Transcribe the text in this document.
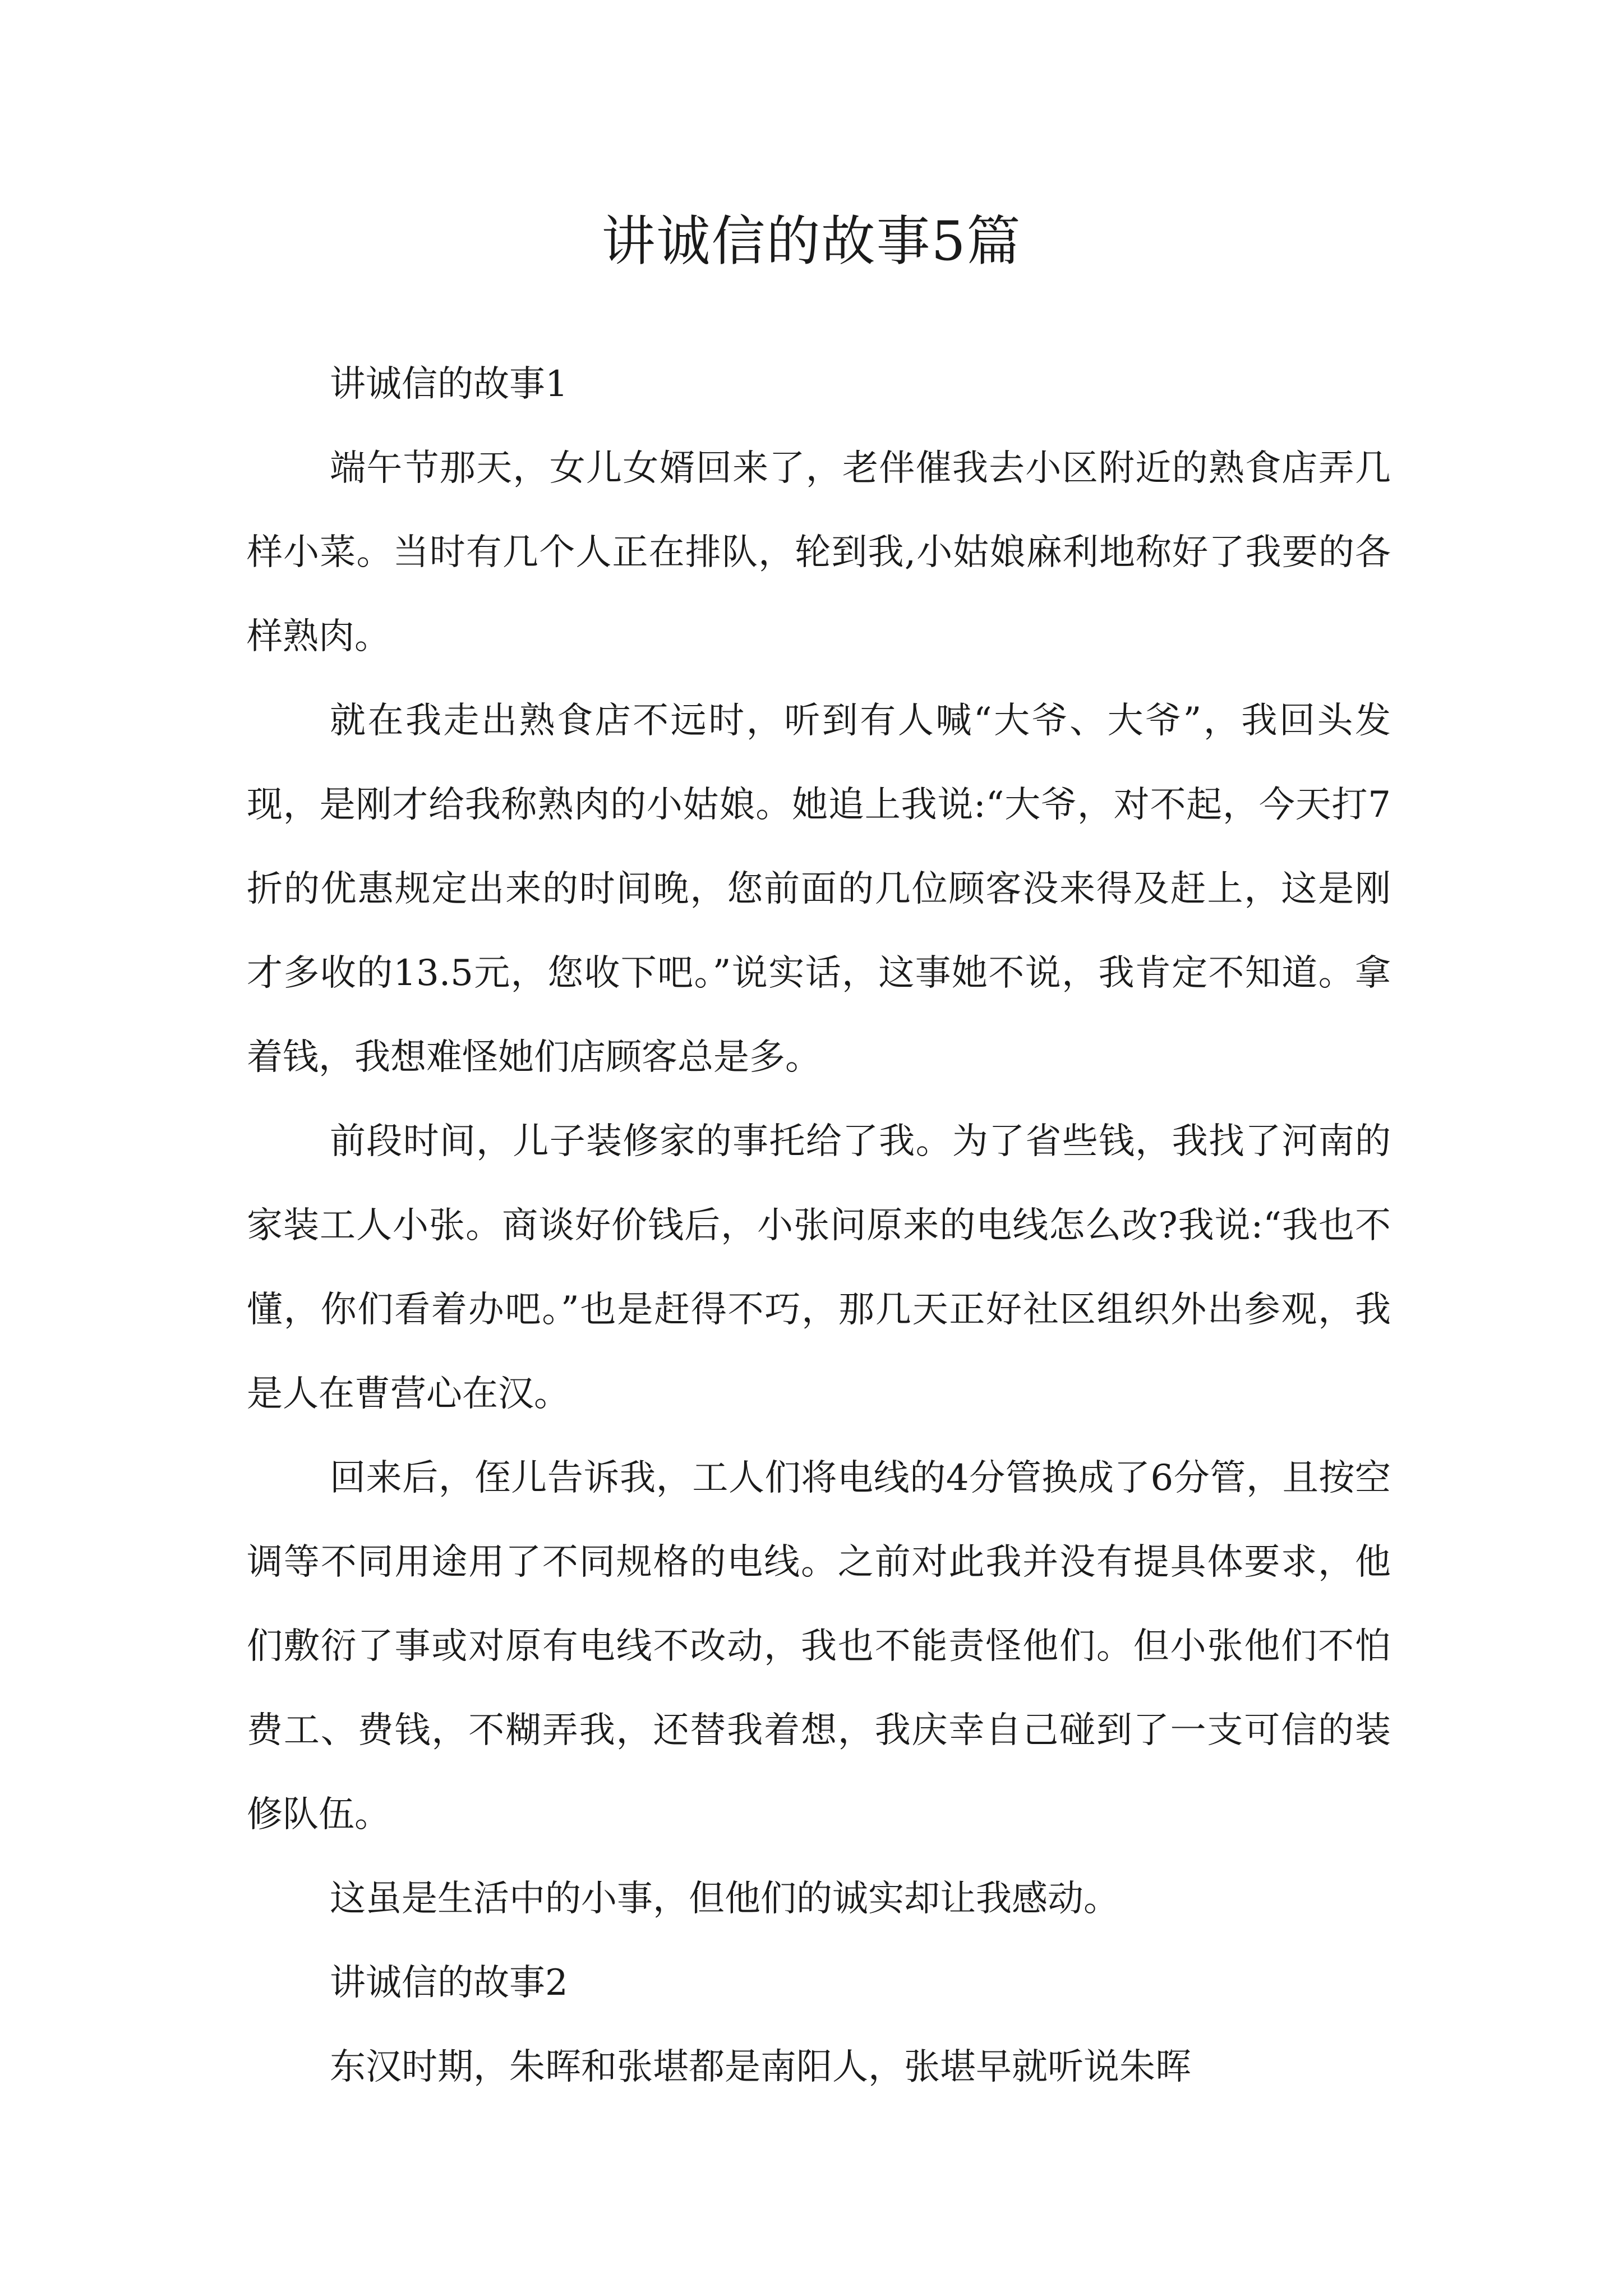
讲诚信的故事5篇

讲诚信的故事1

端午节那天，女儿女婿回来了，老伴催我去小区附近的熟食店弄几样小菜。当时有几个人正在排队，轮到我,小姑娘麻利地称好了我要的各样熟肉。

就在我走出熟食店不远时，听到有人喊“大爷、大爷”，我回头发现，是刚才给我称熟肉的小姑娘。她追上我说:“大爷，对不起，今天打7折的优惠规定出来的时间晚，您前面的几位顾客没来得及赶上，这是刚才多收的13.5元，您收下吧。”说实话，这事她不说，我肯定不知道。拿着钱，我想难怪她们店顾客总是多。

前段时间，儿子装修家的事托给了我。为了省些钱，我找了河南的家装工人小张。商谈好价钱后，小张问原来的电线怎么改?我说:“我也不懂，你们看着办吧。”也是赶得不巧，那几天正好社区组织外出参观，我是人在曹营心在汉。

回来后，侄儿告诉我，工人们将电线的4分管换成了6分管，且按空调等不同用途用了不同规格的电线。之前对此我并没有提具体要求，他们敷衍了事或对原有电线不改动，我也不能责怪他们。但小张他们不怕费工、费钱，不糊弄我，还替我着想，我庆幸自己碰到了一支可信的装修队伍。

这虽是生活中的小事，但他们的诚实却让我感动。

讲诚信的故事2

东汉时期，朱晖和张堪都是南阳人，张堪早就听说朱晖
